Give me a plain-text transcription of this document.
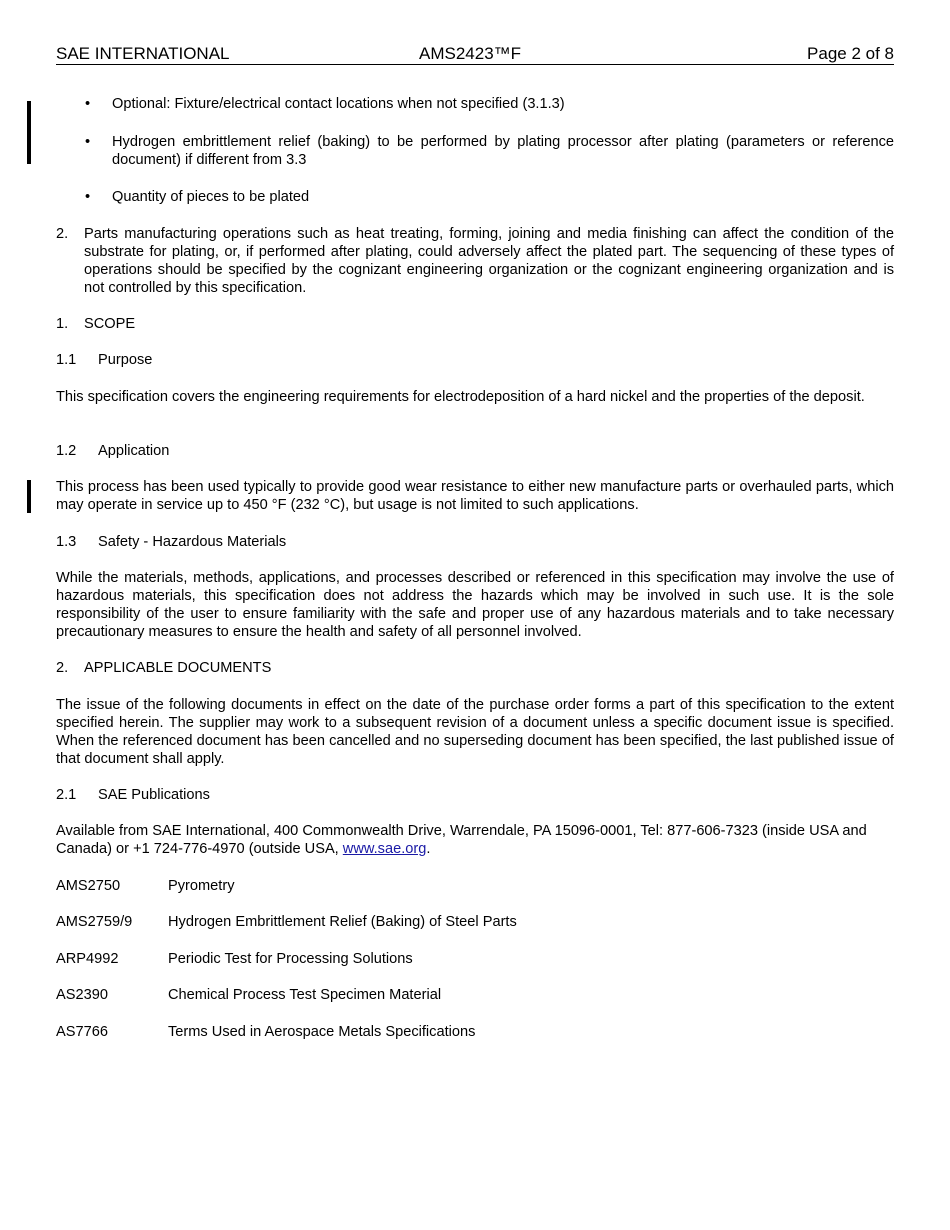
SAE INTERNATIONAL	AMS2423™F	Page 2 of 8
• Optional: Fixture/electrical contact locations when not specified (3.1.3)
• Hydrogen embrittlement relief (baking) to be performed by plating processor after plating (parameters or reference document) if different from 3.3
• Quantity of pieces to be plated
2. Parts manufacturing operations such as heat treating, forming, joining and media finishing can affect the condition of the substrate for plating, or, if performed after plating, could adversely affect the plated part. The sequencing of these types of operations should be specified by the cognizant engineering organization or the cognizant engineering organization and is not controlled by this specification.
1. SCOPE
1.1 Purpose
This specification covers the engineering requirements for electrodeposition of a hard nickel and the properties of the deposit.
1.2 Application
This process has been used typically to provide good wear resistance to either new manufacture parts or overhauled parts, which may operate in service up to 450 °F (232 °C), but usage is not limited to such applications.
1.3 Safety - Hazardous Materials
While the materials, methods, applications, and processes described or referenced in this specification may involve the use of hazardous materials, this specification does not address the hazards which may be involved in such use. It is the sole responsibility of the user to ensure familiarity with the safe and proper use of any hazardous materials and to take necessary precautionary measures to ensure the health and safety of all personnel involved.
2. APPLICABLE DOCUMENTS
The issue of the following documents in effect on the date of the purchase order forms a part of this specification to the extent specified herein. The supplier may work to a subsequent revision of a document unless a specific document issue is specified. When the referenced document has been cancelled and no superseding document has been specified, the last published issue of that document shall apply.
2.1 SAE Publications
Available from SAE International, 400 Commonwealth Drive, Warrendale, PA 15096-0001, Tel: 877-606-7323 (inside USA and Canada) or +1 724-776-4970 (outside USA, www.sae.org.
AMS2750	Pyrometry
AMS2759/9 Hydrogen Embrittlement Relief (Baking) of Steel Parts
ARP4992	Periodic Test for Processing Solutions
AS2390	Chemical Process Test Specimen Material
AS7766	Terms Used in Aerospace Metals Specifications
